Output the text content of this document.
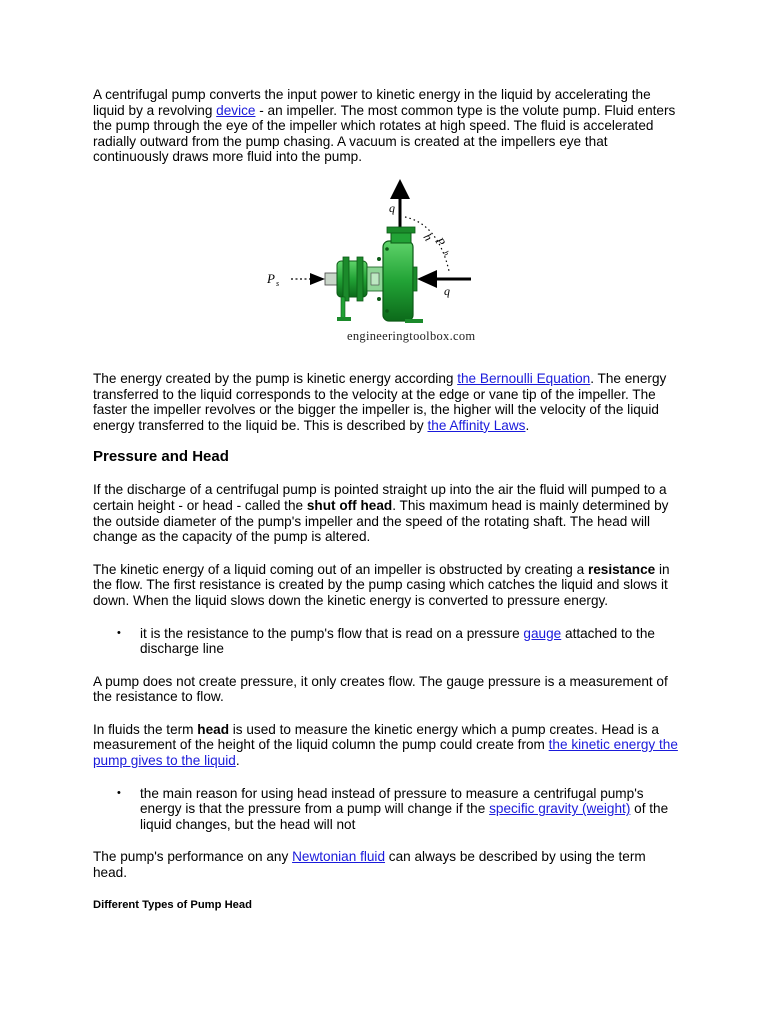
A centrifugal pump converts the input power to kinetic energy in the liquid by accelerating the liquid by a revolving device - an impeller. The most common type is the volute pump. Fluid enters the pump through the eye of the impeller which rotates at high speed. The fluid is accelerated radially outward from the pump chasing. A vacuum is created at the impellers eye that continuously draws more fluid into the pump.

q
h
P
h
P s
q
engineeringtoolbox.com

The energy created by the pump is kinetic energy according the Bernoulli Equation. The energy transferred to the liquid corresponds to the velocity at the edge or vane tip of the impeller. The faster the impeller revolves or the bigger the impeller is, the higher will the velocity of the liquid energy transferred to the liquid be. This is described by the Affinity Laws.

Pressure and Head

If the discharge of a centrifugal pump is pointed straight up into the air the fluid will pumped to a certain height - or head - called the shut off head. This maximum head is mainly determined by the outside diameter of the pump's impeller and the speed of the rotating shaft. The head will change as the capacity of the pump is altered.

The kinetic energy of a liquid coming out of an impeller is obstructed by creating a resistance in the flow. The first resistance is created by the pump casing which catches the liquid and slows it down. When the liquid slows down the kinetic energy is converted to pressure energy.

• it is the resistance to the pump's flow that is read on a pressure gauge attached to the discharge line

A pump does not create pressure, it only creates flow. The gauge pressure is a measurement of the resistance to flow.

In fluids the term head is used to measure the kinetic energy which a pump creates. Head is a measurement of the height of the liquid column the pump could create from the kinetic energy the pump gives to the liquid.

• the main reason for using head instead of pressure to measure a centrifugal pump's energy is that the pressure from a pump will change if the specific gravity (weight) of the liquid changes, but the head will not

The pump's performance on any Newtonian fluid can always be described by using the term head.

Different Types of Pump Head
